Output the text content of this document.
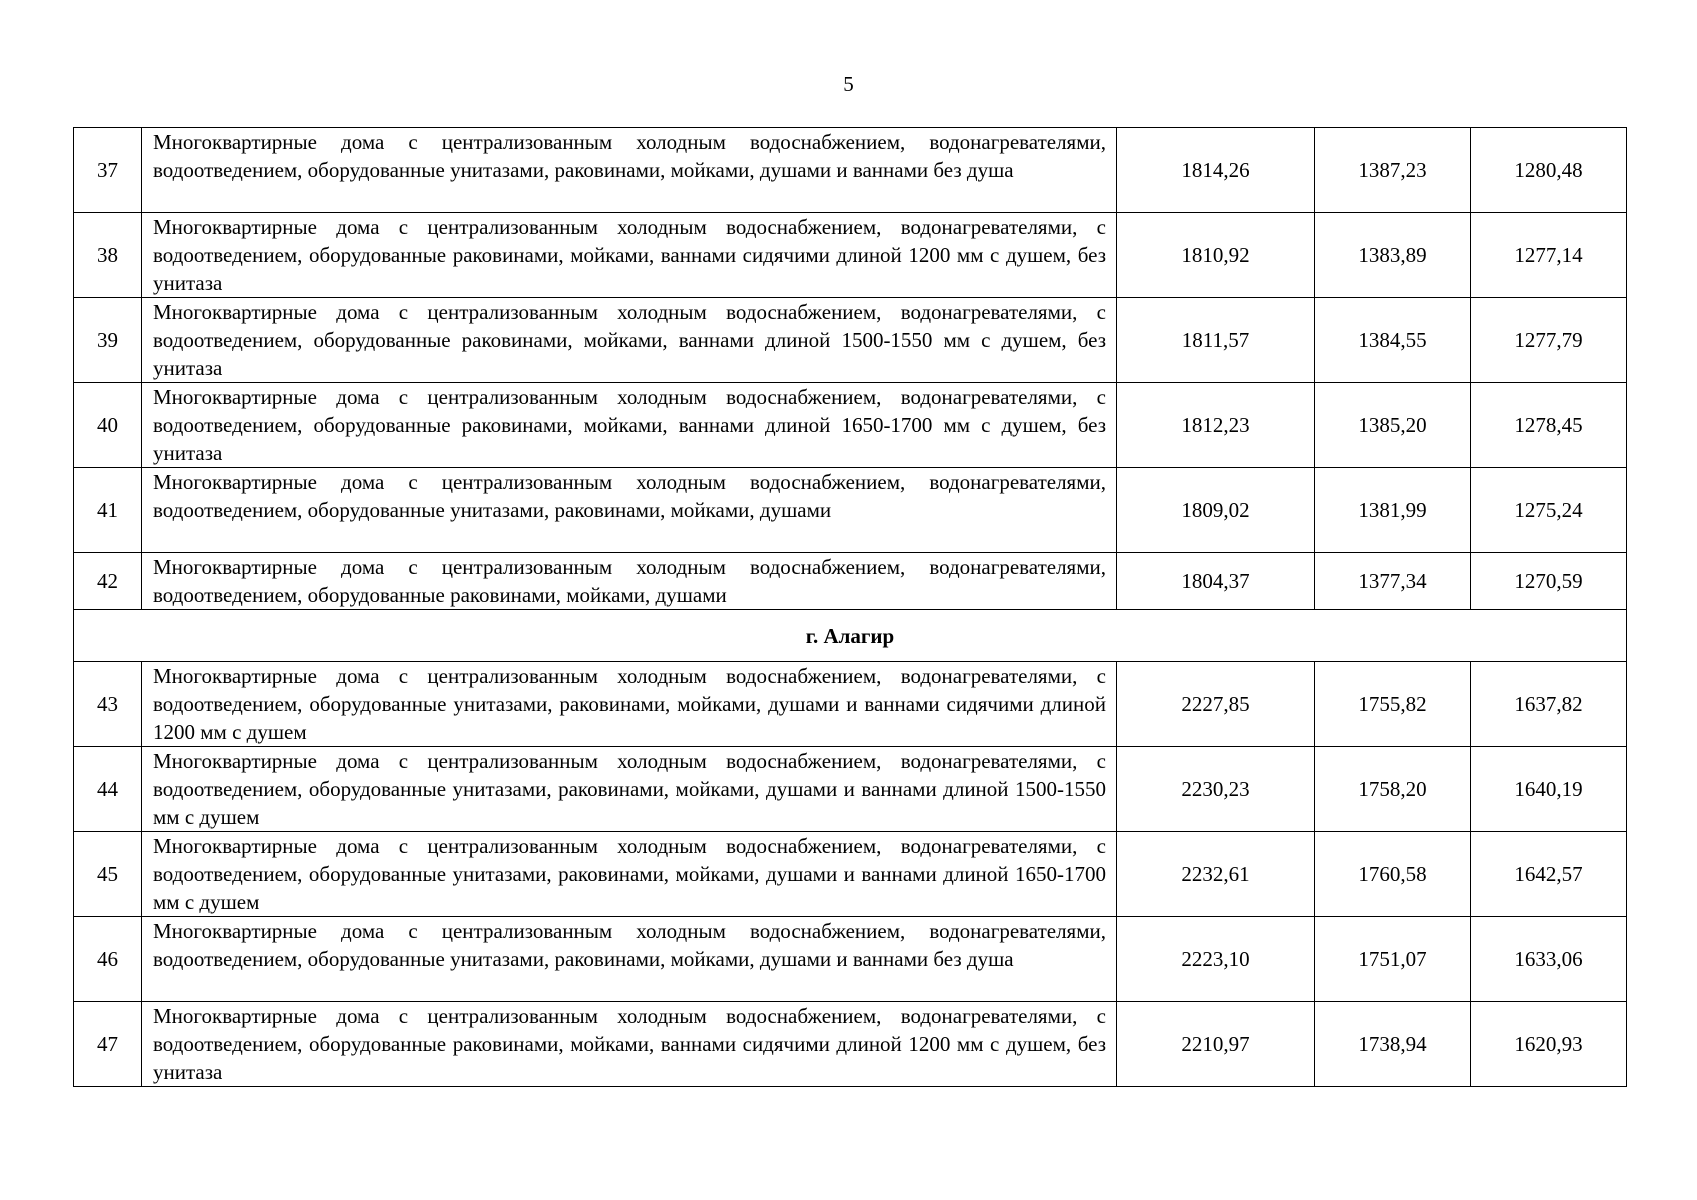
5
37	Многоквартирные дома с централизованным холодным водоснабжением, водонагревателями, водоотведением, оборудованные унитазами, раковинами, мойками, душами и ваннами без душа	1814,26	1387,23	1280,48
38	Многоквартирные дома с централизованным холодным водоснабжением, водонагревателями, с водоотведением, оборудованные раковинами, мойками, ваннами сидячими длиной 1200 мм с душем, без унитаза	1810,92	1383,89	1277,14
39	Многоквартирные дома с централизованным холодным водоснабжением, водонагревателями, с водоотведением, оборудованные раковинами, мойками, ваннами длиной 1500-1550 мм с душем, без унитаза	1811,57	1384,55	1277,79
40	Многоквартирные дома с централизованным холодным водоснабжением, водонагревателями, с водоотведением, оборудованные раковинами, мойками, ваннами длиной 1650-1700 мм с душем, без унитаза	1812,23	1385,20	1278,45
41	Многоквартирные дома с централизованным холодным водоснабжением, водонагревателями, водоотведением, оборудованные унитазами, раковинами, мойками, душами	1809,02	1381,99	1275,24
42	Многоквартирные дома с централизованным холодным водоснабжением, водонагревателями, водоотведением, оборудованные раковинами, мойками, душами	1804,37	1377,34	1270,59
г. Алагир				
43	Многоквартирные дома с централизованным холодным водоснабжением, водонагревателями, с водоотведением, оборудованные унитазами, раковинами, мойками, душами и ваннами сидячими длиной 1200 мм с душем	2227,85	1755,82	1637,82
44	Многоквартирные дома с централизованным холодным водоснабжением, водонагревателями, с водоотведением, оборудованные унитазами, раковинами, мойками, душами и ваннами длиной 1500-1550 мм с душем	2230,23	1758,20	1640,19
45	Многоквартирные дома с централизованным холодным водоснабжением, водонагревателями, с водоотведением, оборудованные унитазами, раковинами, мойками, душами и ваннами длиной 1650-1700 мм с душем	2232,61	1760,58	1642,57
46	Многоквартирные дома с централизованным холодным водоснабжением, водонагревателями, водоотведением, оборудованные унитазами, раковинами, мойками, душами и ваннами без душа	2223,10	1751,07	1633,06
47	Многоквартирные дома с централизованным холодным водоснабжением, водонагревателями, с водоотведением, оборудованные раковинами, мойками, ваннами сидячими длиной 1200 мм с душем, без унитаза	2210,97	1738,94	1620,93
